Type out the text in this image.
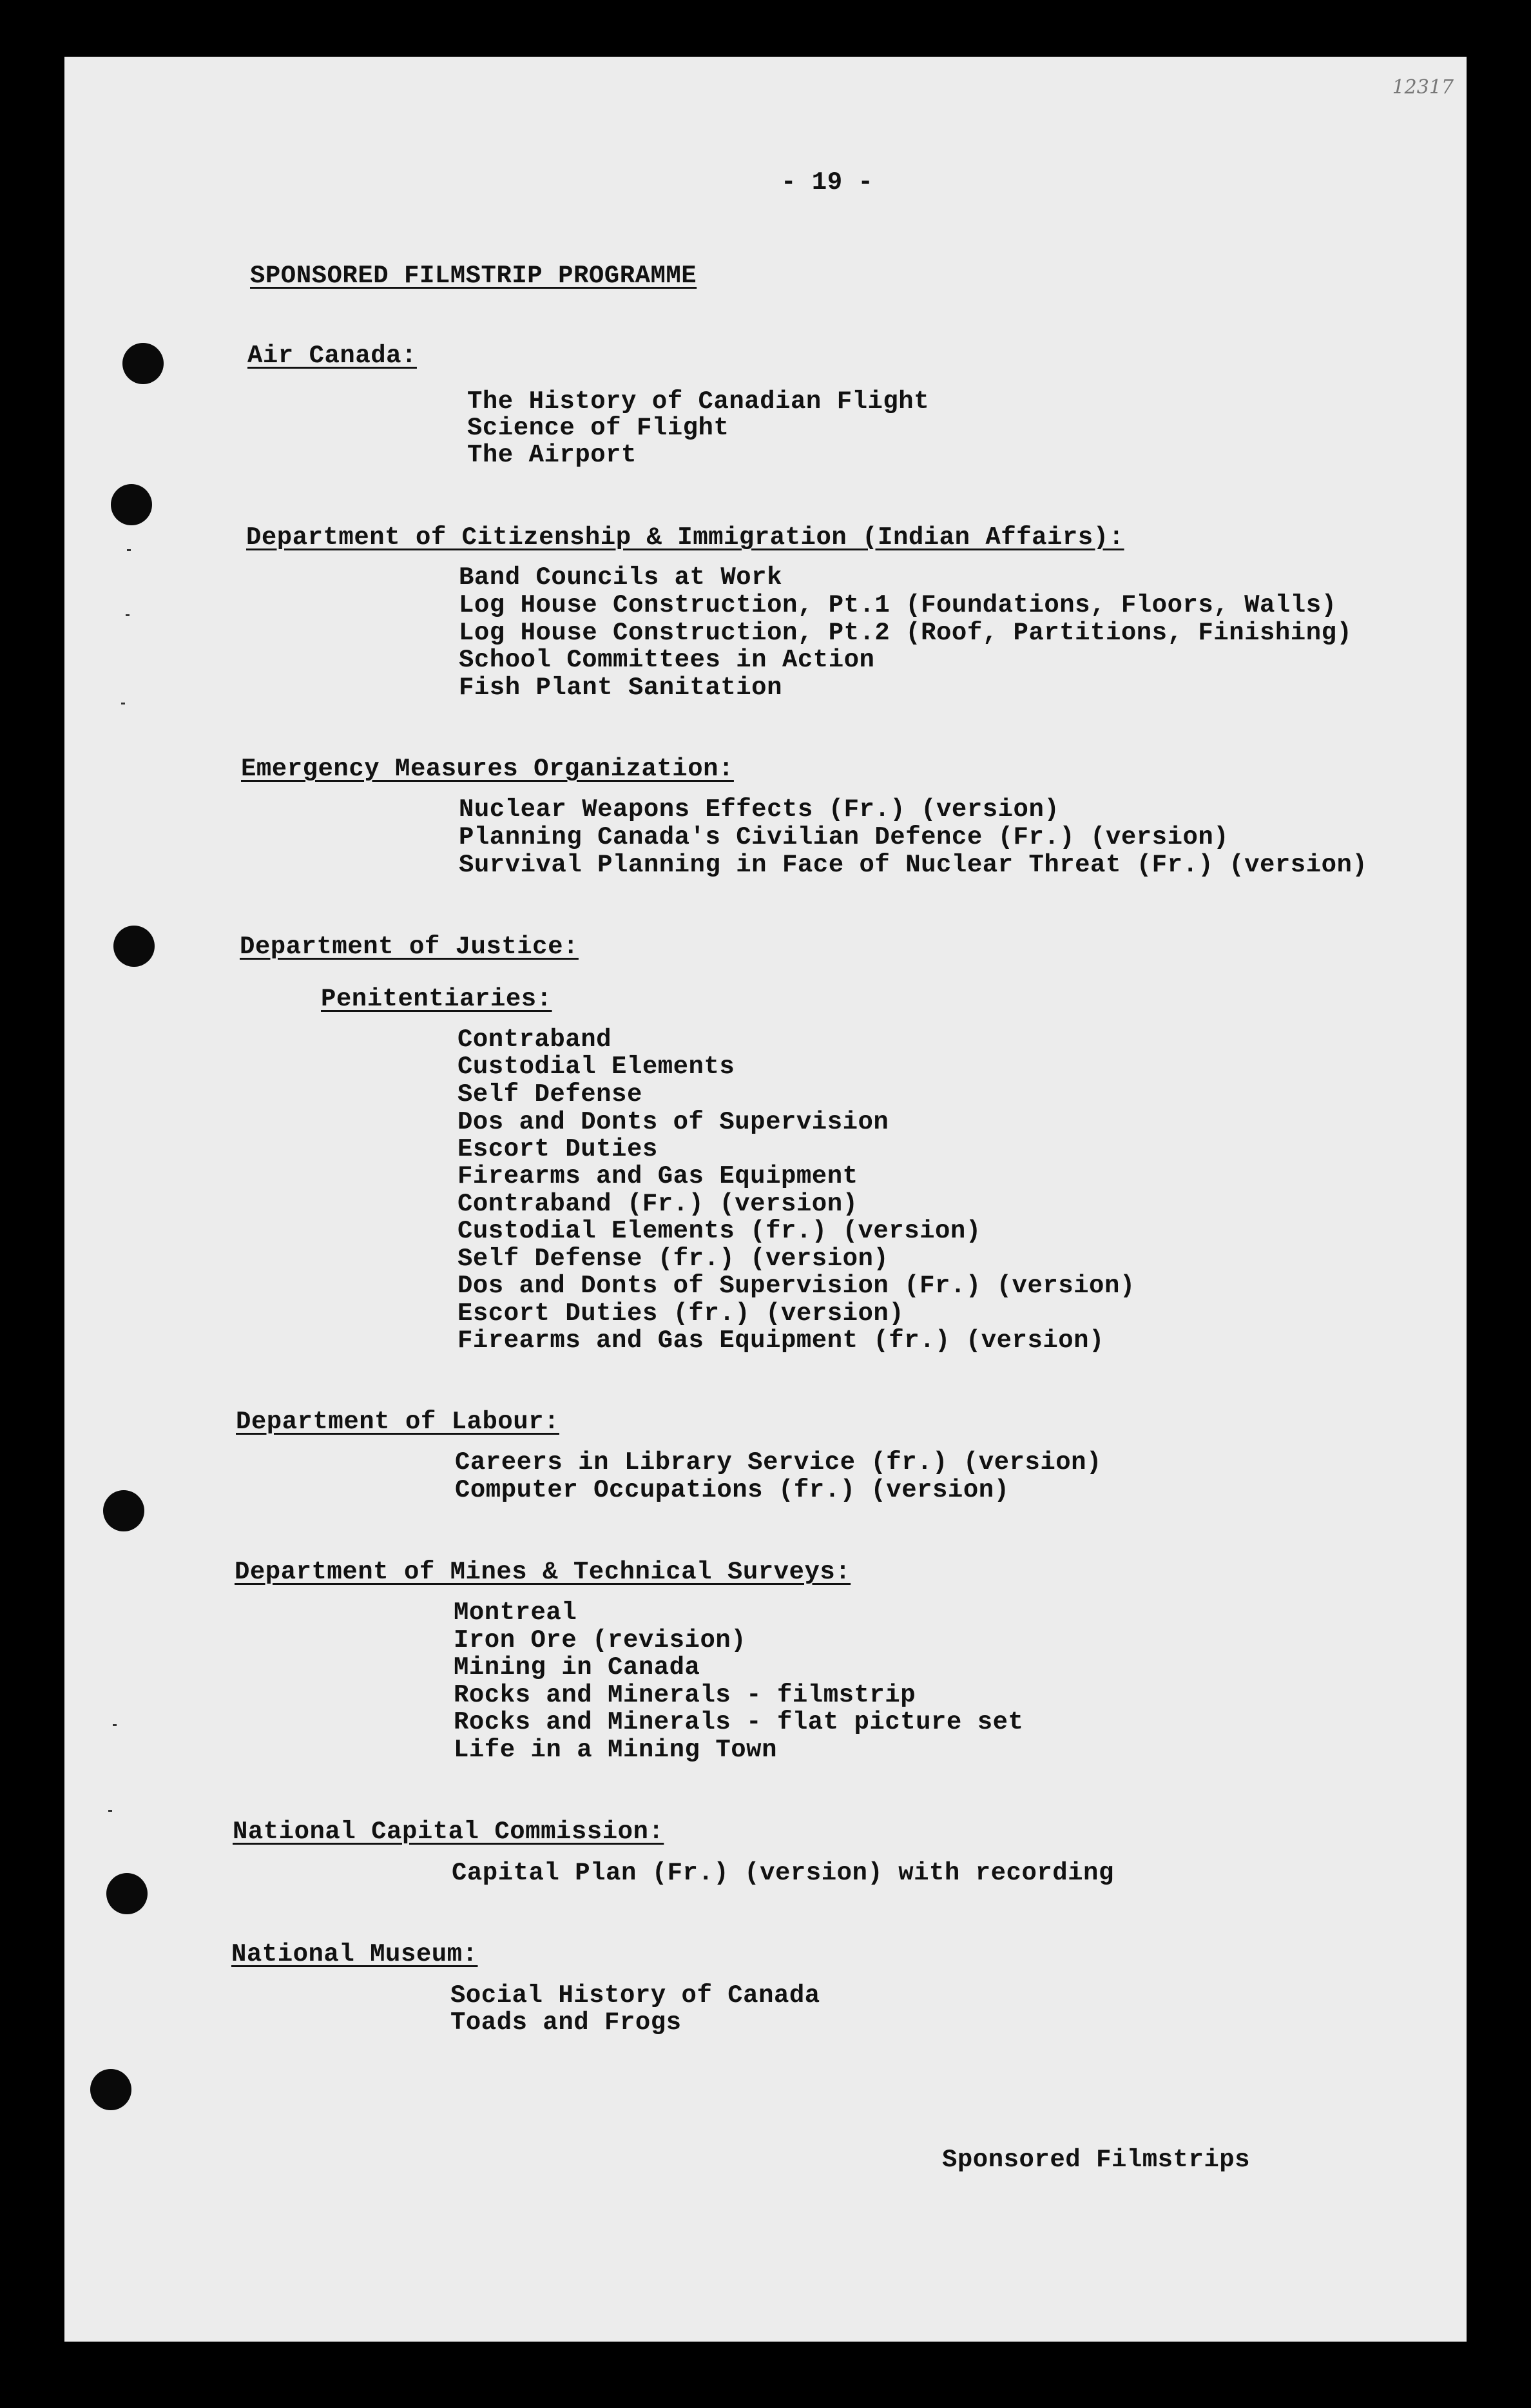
12317
- 19 -
SPONSORED FILMSTRIP PROGRAMME
Air Canada:
The History of Canadian Flight
Science of Flight
The Airport
Department of Citizenship & Immigration (Indian Affairs):
Band Councils at Work
Log House Construction, Pt.1 (Foundations, Floors, Walls)
Log House Construction, Pt.2 (Roof, Partitions, Finishing)
School Committees in Action
Fish Plant Sanitation
Emergency Measures Organization:
Nuclear Weapons Effects (Fr.) (version)
Planning Canada's Civilian Defence (Fr.) (version)
Survival Planning in Face of Nuclear Threat (Fr.) (version)
Department of Justice:
Penitentiaries:
Contraband
Custodial Elements
Self Defense
Dos and Donts of Supervision
Escort Duties
Firearms and Gas Equipment
Contraband (Fr.) (version)
Custodial Elements (fr.) (version)
Self Defense (fr.) (version)
Dos and Donts of Supervision (Fr.) (version)
Escort Duties (fr.) (version)
Firearms and Gas Equipment (fr.) (version)
Department of Labour:
Careers in Library Service (fr.) (version)
Computer Occupations (fr.) (version)
Department of Mines & Technical Surveys:
Montreal
Iron Ore (revision)
Mining in Canada
Rocks and Minerals - filmstrip
Rocks and Minerals - flat picture set
Life in a Mining Town
National Capital Commission:
Capital Plan (Fr.) (version) with recording
National Museum:
Social History of Canada
Toads and Frogs
Sponsored Filmstrips
